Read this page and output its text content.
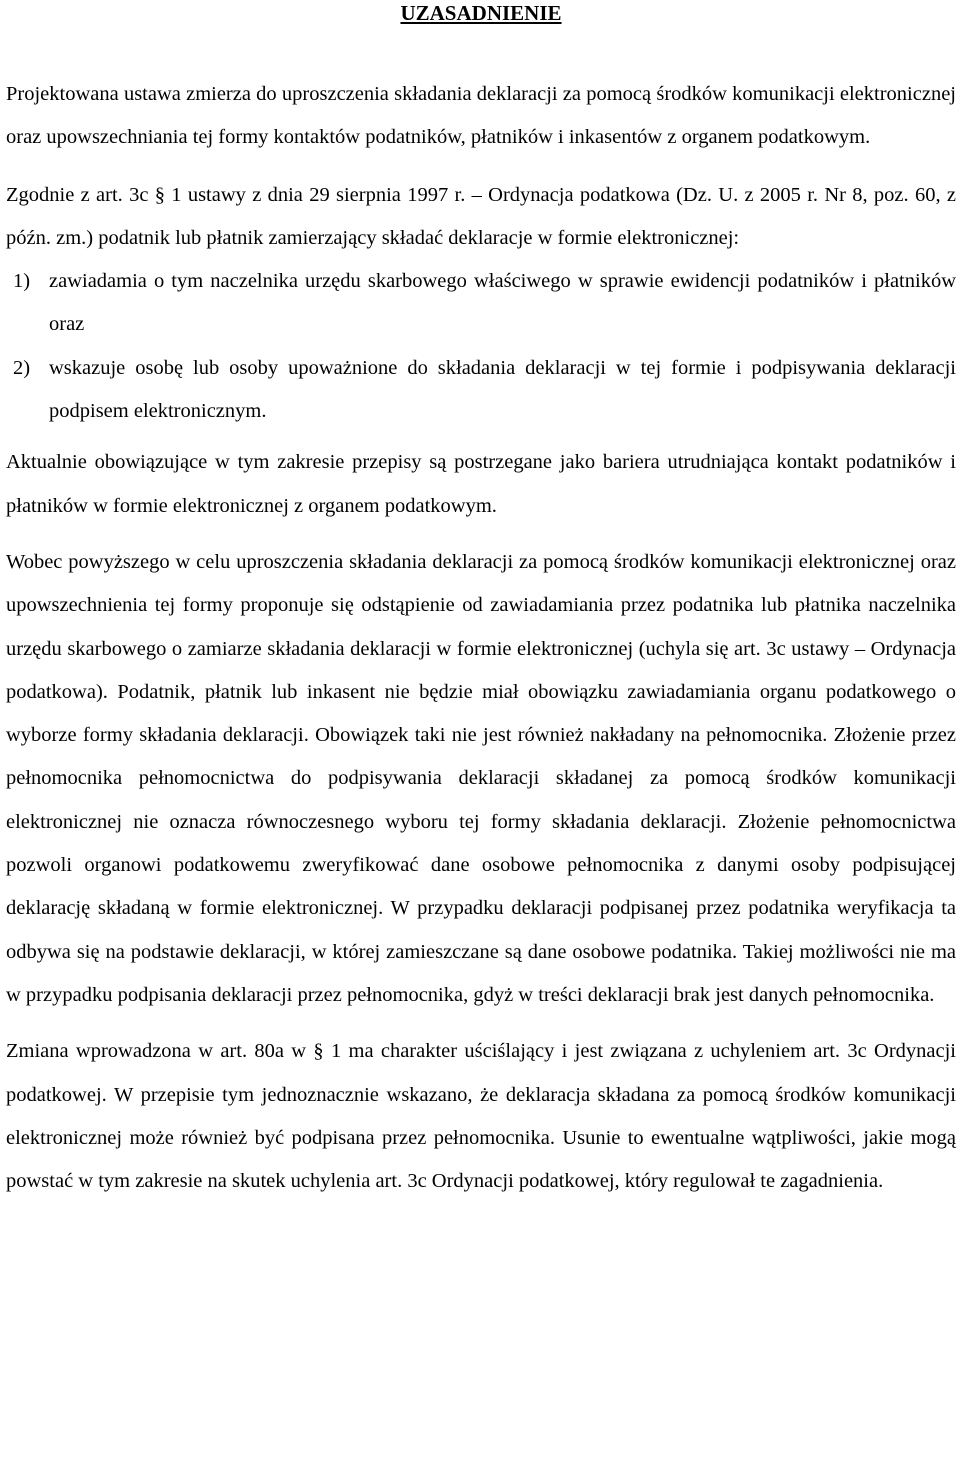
UZASADNIENIE

Projektowana ustawa zmierza do uproszczenia składania deklaracji za pomocą środków komunikacji elektronicznej oraz upowszechniania tej formy kontaktów podatników, płatników i inkasentów z organem podatkowym.

Zgodnie z art. 3c § 1 ustawy z dnia 29 sierpnia 1997 r. – Ordynacja podatkowa (Dz. U. z 2005 r. Nr 8, poz. 60, z późn. zm.) podatnik lub płatnik zamierzający składać deklaracje w formie elektronicznej:

1) zawiadamia o tym naczelnika urzędu skarbowego właściwego w sprawie ewidencji podatników i płatników oraz
2) wskazuje osobę lub osoby upoważnione do składania deklaracji w tej formie i podpisywania deklaracji podpisem elektronicznym.

Aktualnie obowiązujące w tym zakresie przepisy są postrzegane jako bariera utrudniająca kontakt podatników i płatników w formie elektronicznej z organem podatkowym.

Wobec powyższego w celu uproszczenia składania deklaracji za pomocą środków komunikacji elektronicznej oraz upowszechnienia tej formy proponuje się odstąpienie od zawiadamiania przez podatnika lub płatnika naczelnika urzędu skarbowego o zamiarze składania deklaracji w formie elektronicznej (uchyla się art. 3c ustawy – Ordynacja podatkowa). Podatnik, płatnik lub inkasent nie będzie miał obowiązku zawiadamiania organu podatkowego o wyborze formy składania deklaracji. Obowiązek taki nie jest również nakładany na pełnomocnika. Złożenie przez pełnomocnika pełnomocnictwa do podpisywania deklaracji składanej za pomocą środków komunikacji elektronicznej nie oznacza równoczesnego wyboru tej formy składania deklaracji. Złożenie pełnomocnictwa pozwoli organowi podatkowemu zweryfikować dane osobowe pełnomocnika z danymi osoby podpisującej deklarację składaną w formie elektronicznej. W przypadku deklaracji podpisanej przez podatnika weryfikacja ta odbywa się na podstawie deklaracji, w której zamieszczane są dane osobowe podatnika. Takiej możliwości nie ma w przypadku podpisania deklaracji przez pełnomocnika, gdyż w treści deklaracji brak jest danych pełnomocnika.

Zmiana wprowadzona w art. 80a w § 1 ma charakter uściślający i jest związana z uchyleniem art. 3c Ordynacji podatkowej. W przepisie tym jednoznacznie wskazano, że deklaracja składana za pomocą środków komunikacji elektronicznej może również być podpisana przez pełnomocnika. Usunie to ewentualne wątpliwości, jakie mogą powstać w tym zakresie na skutek uchylenia art. 3c Ordynacji podatkowej, który regulował te zagadnienia.
